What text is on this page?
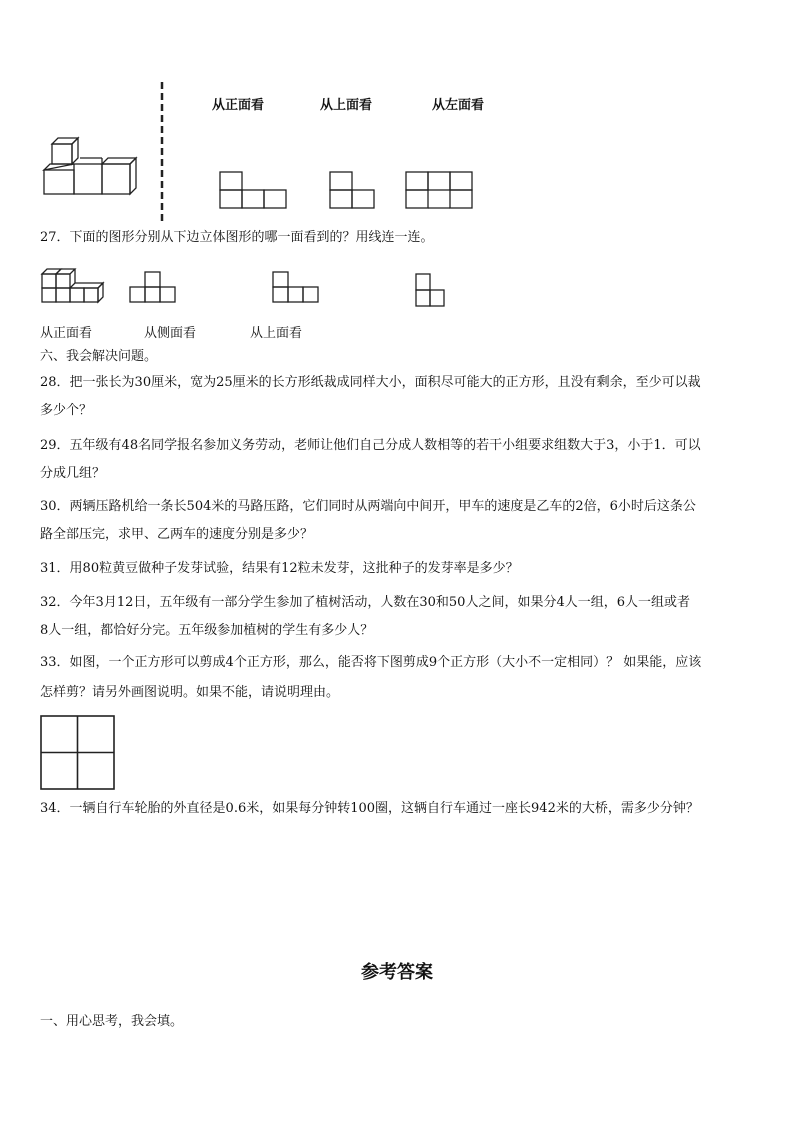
从正面看	从上面看	从左面看
27．下面的图形分别从下边立体图形的哪一面看到的？用线连一连。
从正面看	从侧面看	从上面看
六、我会解决问题。
28．把一张长为30厘米，宽为25厘米的长方形纸裁成同样大小，面积尽可能大的正方形，且没有剩余，至少可以裁
多少个？
29．五年级有48名同学报名参加义务劳动，老师让他们自己分成人数相等的若干小组要求组数大于3，小于1．可以
分成几组？
30．两辆压路机给一条长504米的马路压路，它们同时从两端向中间开，甲车的速度是乙车的2倍，6小时后这条公
路全部压完，求甲、乙两车的速度分别是多少？
31．用80粒黄豆做种子发芽试验，结果有12粒未发芽，这批种子的发芽率是多少？
32．今年3月12日，五年级有一部分学生参加了植树活动，人数在30和50人之间，如果分4人一组，6人一组或者
8人一组，都恰好分完。五年级参加植树的学生有多少人？
33．如图，一个正方形可以剪成4个正方形，那么，能否将下图剪成9个正方形（大小不一定相同）？ 如果能，应该
怎样剪？请另外画图说明。如果不能，请说明理由。
34．一辆自行车轮胎的外直径是0.6米，如果每分钟转100圈，这辆自行车通过一座长942米的大桥，需多少分钟？
参考答案
一、用心思考，我会填。
